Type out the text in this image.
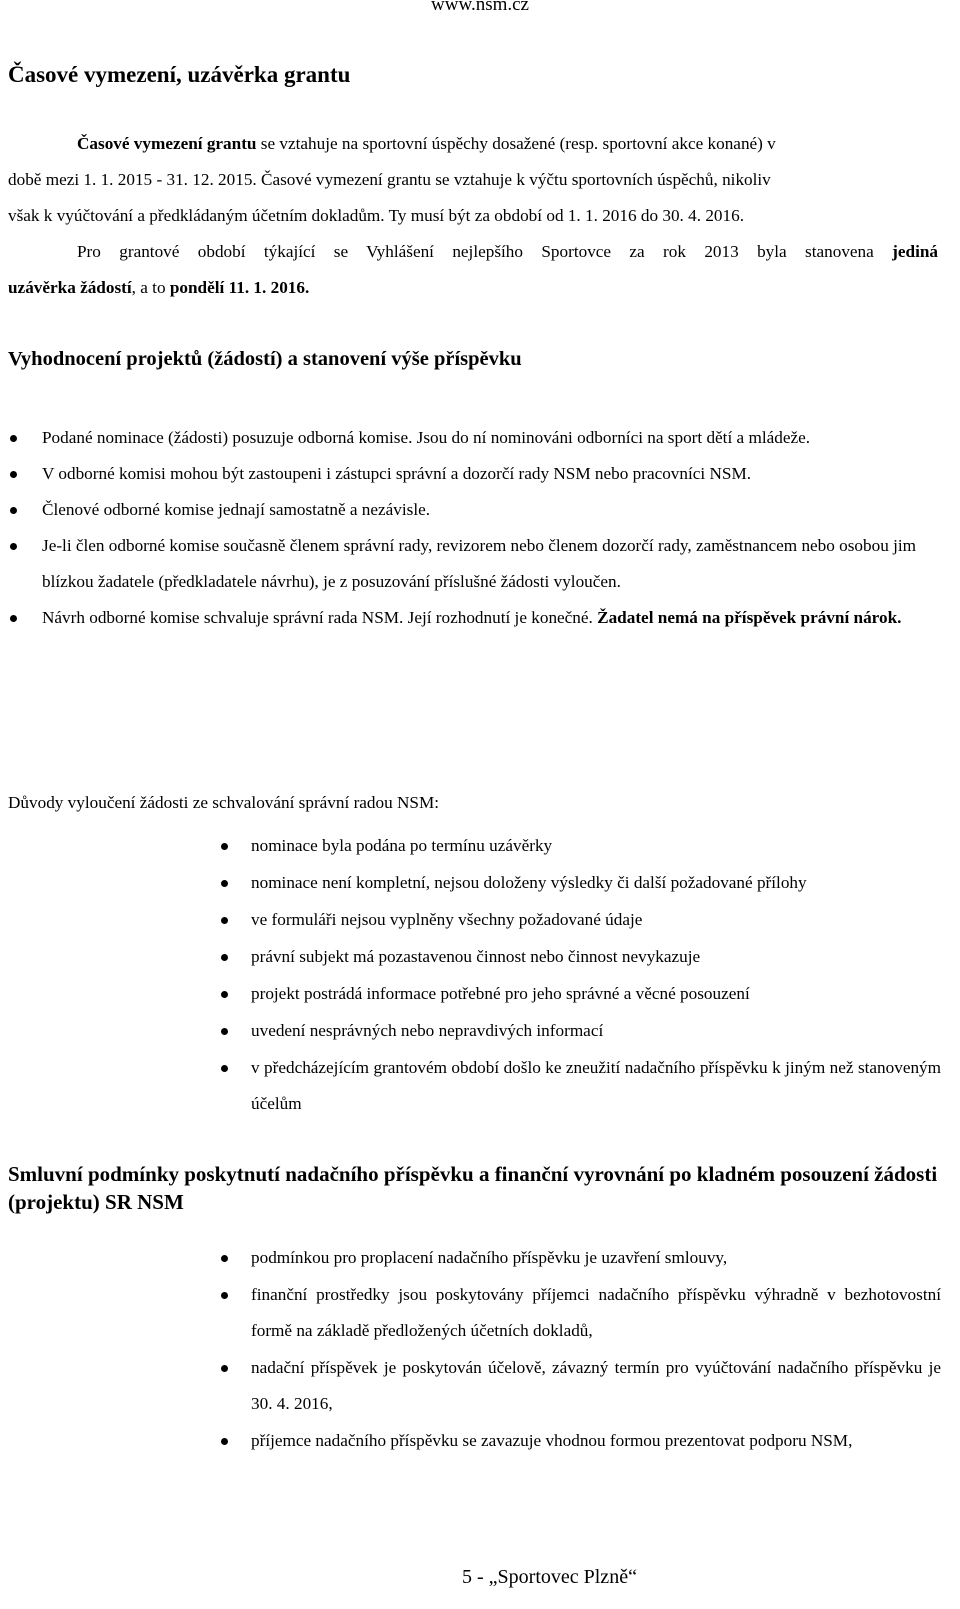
www.nsm.cz
Časové vymezení, uzávěrka grantu
Časové vymezení grantu se vztahuje na sportovní úspěchy dosažené (resp. sportovní akce konané) v
době mezi 1. 1. 2015 - 31. 12. 2015. Časové vymezení grantu se vztahuje k výčtu sportovních úspěchů, nikoliv
však k vyúčtování a předkládaným účetním dokladům. Ty musí být za období od 1. 1. 2016 do 30. 4. 2016.
Pro grantové období týkající se Vyhlášení nejlepšího Sportovce za rok 2013 byla stanovena jediná
uzávěrka žádostí, a to pondělí 11. 1. 2016.
Vyhodnocení projektů (žádostí) a stanovení výše příspěvku
Podané nominace (žádosti) posuzuje odborná komise. Jsou do ní nominováni odborníci na sport dětí a mládeže.
V odborné komisi mohou být zastoupeni i zástupci správní a dozorčí rady NSM nebo pracovníci NSM.
Členové odborné komise jednají samostatně a nezávisle.
Je-li člen odborné komise současně členem správní rady, revizorem nebo členem dozorčí rady, zaměstnancem nebo osobou jim blízkou žadatele (předkladatele návrhu), je z posuzování příslušné žádosti vyloučen.
Návrh odborné komise schvaluje správní rada NSM. Její rozhodnutí je konečné. Žadatel nemá na příspěvek právní nárok.
Důvody vyloučení žádosti ze schvalování správní radou NSM:
nominace byla podána po termínu uzávěrky
nominace není kompletní, nejsou doloženy výsledky či další požadované přílohy
ve formuláři nejsou vyplněny všechny požadované údaje
právní subjekt má pozastavenou činnost nebo činnost nevykazuje
projekt postrádá informace potřebné pro jeho správné a věcné posouzení
uvedení nesprávných nebo nepravdivých informací
v předcházejícím grantovém období došlo ke zneužití nadačního příspěvku k jiným než stanoveným účelům
Smluvní podmínky poskytnutí nadačního příspěvku a finanční vyrovnání po kladném posouzení žádosti (projektu) SR NSM
podmínkou pro proplacení nadačního příspěvku je uzavření smlouvy,
finanční prostředky jsou poskytovány příjemci nadačního příspěvku výhradně v bezhotovostní formě na základě předložených účetních dokladů,
nadační příspěvek je poskytován účelově, závazný termín pro vyúčtování nadačního příspěvku je 30. 4. 2016,
příjemce nadačního příspěvku se zavazuje vhodnou formou prezentovat podporu NSM,
5 - „Sportovec Plzně“
